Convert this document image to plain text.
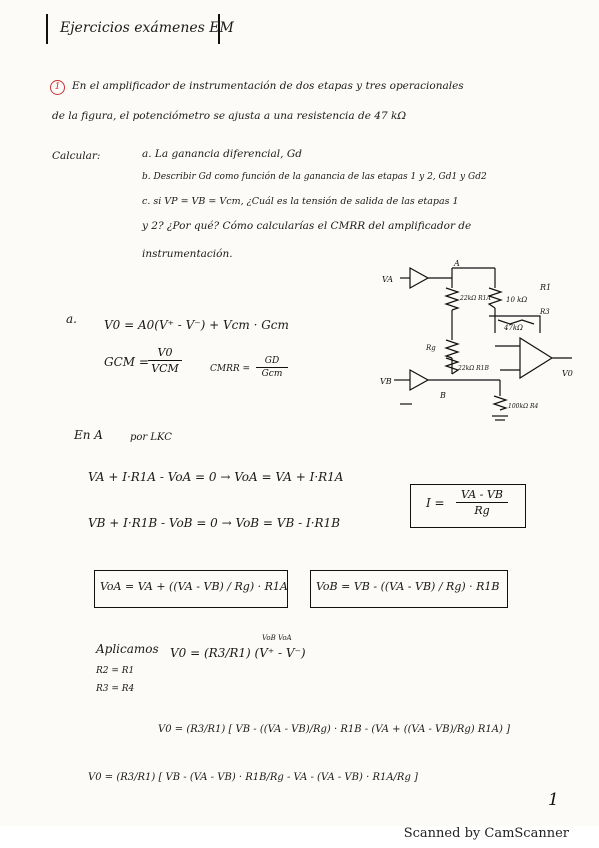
Ejercicios exámenes EM
1	En el amplificador de instrumentación de dos etapas y tres operacionales
de la figura, el potenciómetro se ajusta a una resistencia de 47 kΩ
Calcular:	a. La ganancia diferencial, Gd
b. Describir Gd como función de la ganancia de las etapas 1 y 2, Gd1 y Gd2
c. si VP = VB = Vcm, ¿Cuál es la tensión de salida de las etapas 1
y 2? ¿Por qué? Cómo calcularías el CMRR del amplificador de
instrumentación.
A
B
VA
VB
V0
22kΩ R1A
Rg
22kΩ R1B
R1
10 kΩ
R3
47kΩ
100kΩ R4
a. V0 = A0(V⁺ - V⁻) + Vcm · Gcm
GCM =
V0
VCM	CMRR =
GD
Gcm
En A	por LKC
VA + I·R1A - VoA = 0 → VoA = VA + I·R1A
VB + I·R1B - VoB = 0 → VoB = VB - I·R1B
I =
VA - VB
Rg
VoA = VA + ((VA - VB) / Rg) · R1A	VoB = VB - ((VA - VB) / Rg) · R1B
Aplicamos
VoB VoA
V0 = (R3/R1) (V⁺ - V⁻)
R2 = R1
R3 = R4
V0 = (R3/R1) [ VB - ((VA - VB)/Rg) · R1B - (VA + ((VA - VB)/Rg) R1A) ]
V0 = (R3/R1) [ VB - (VA - VB) · R1B/Rg - VA - (VA - VB) · R1A/Rg ]
1
Scanned by CamScanner
